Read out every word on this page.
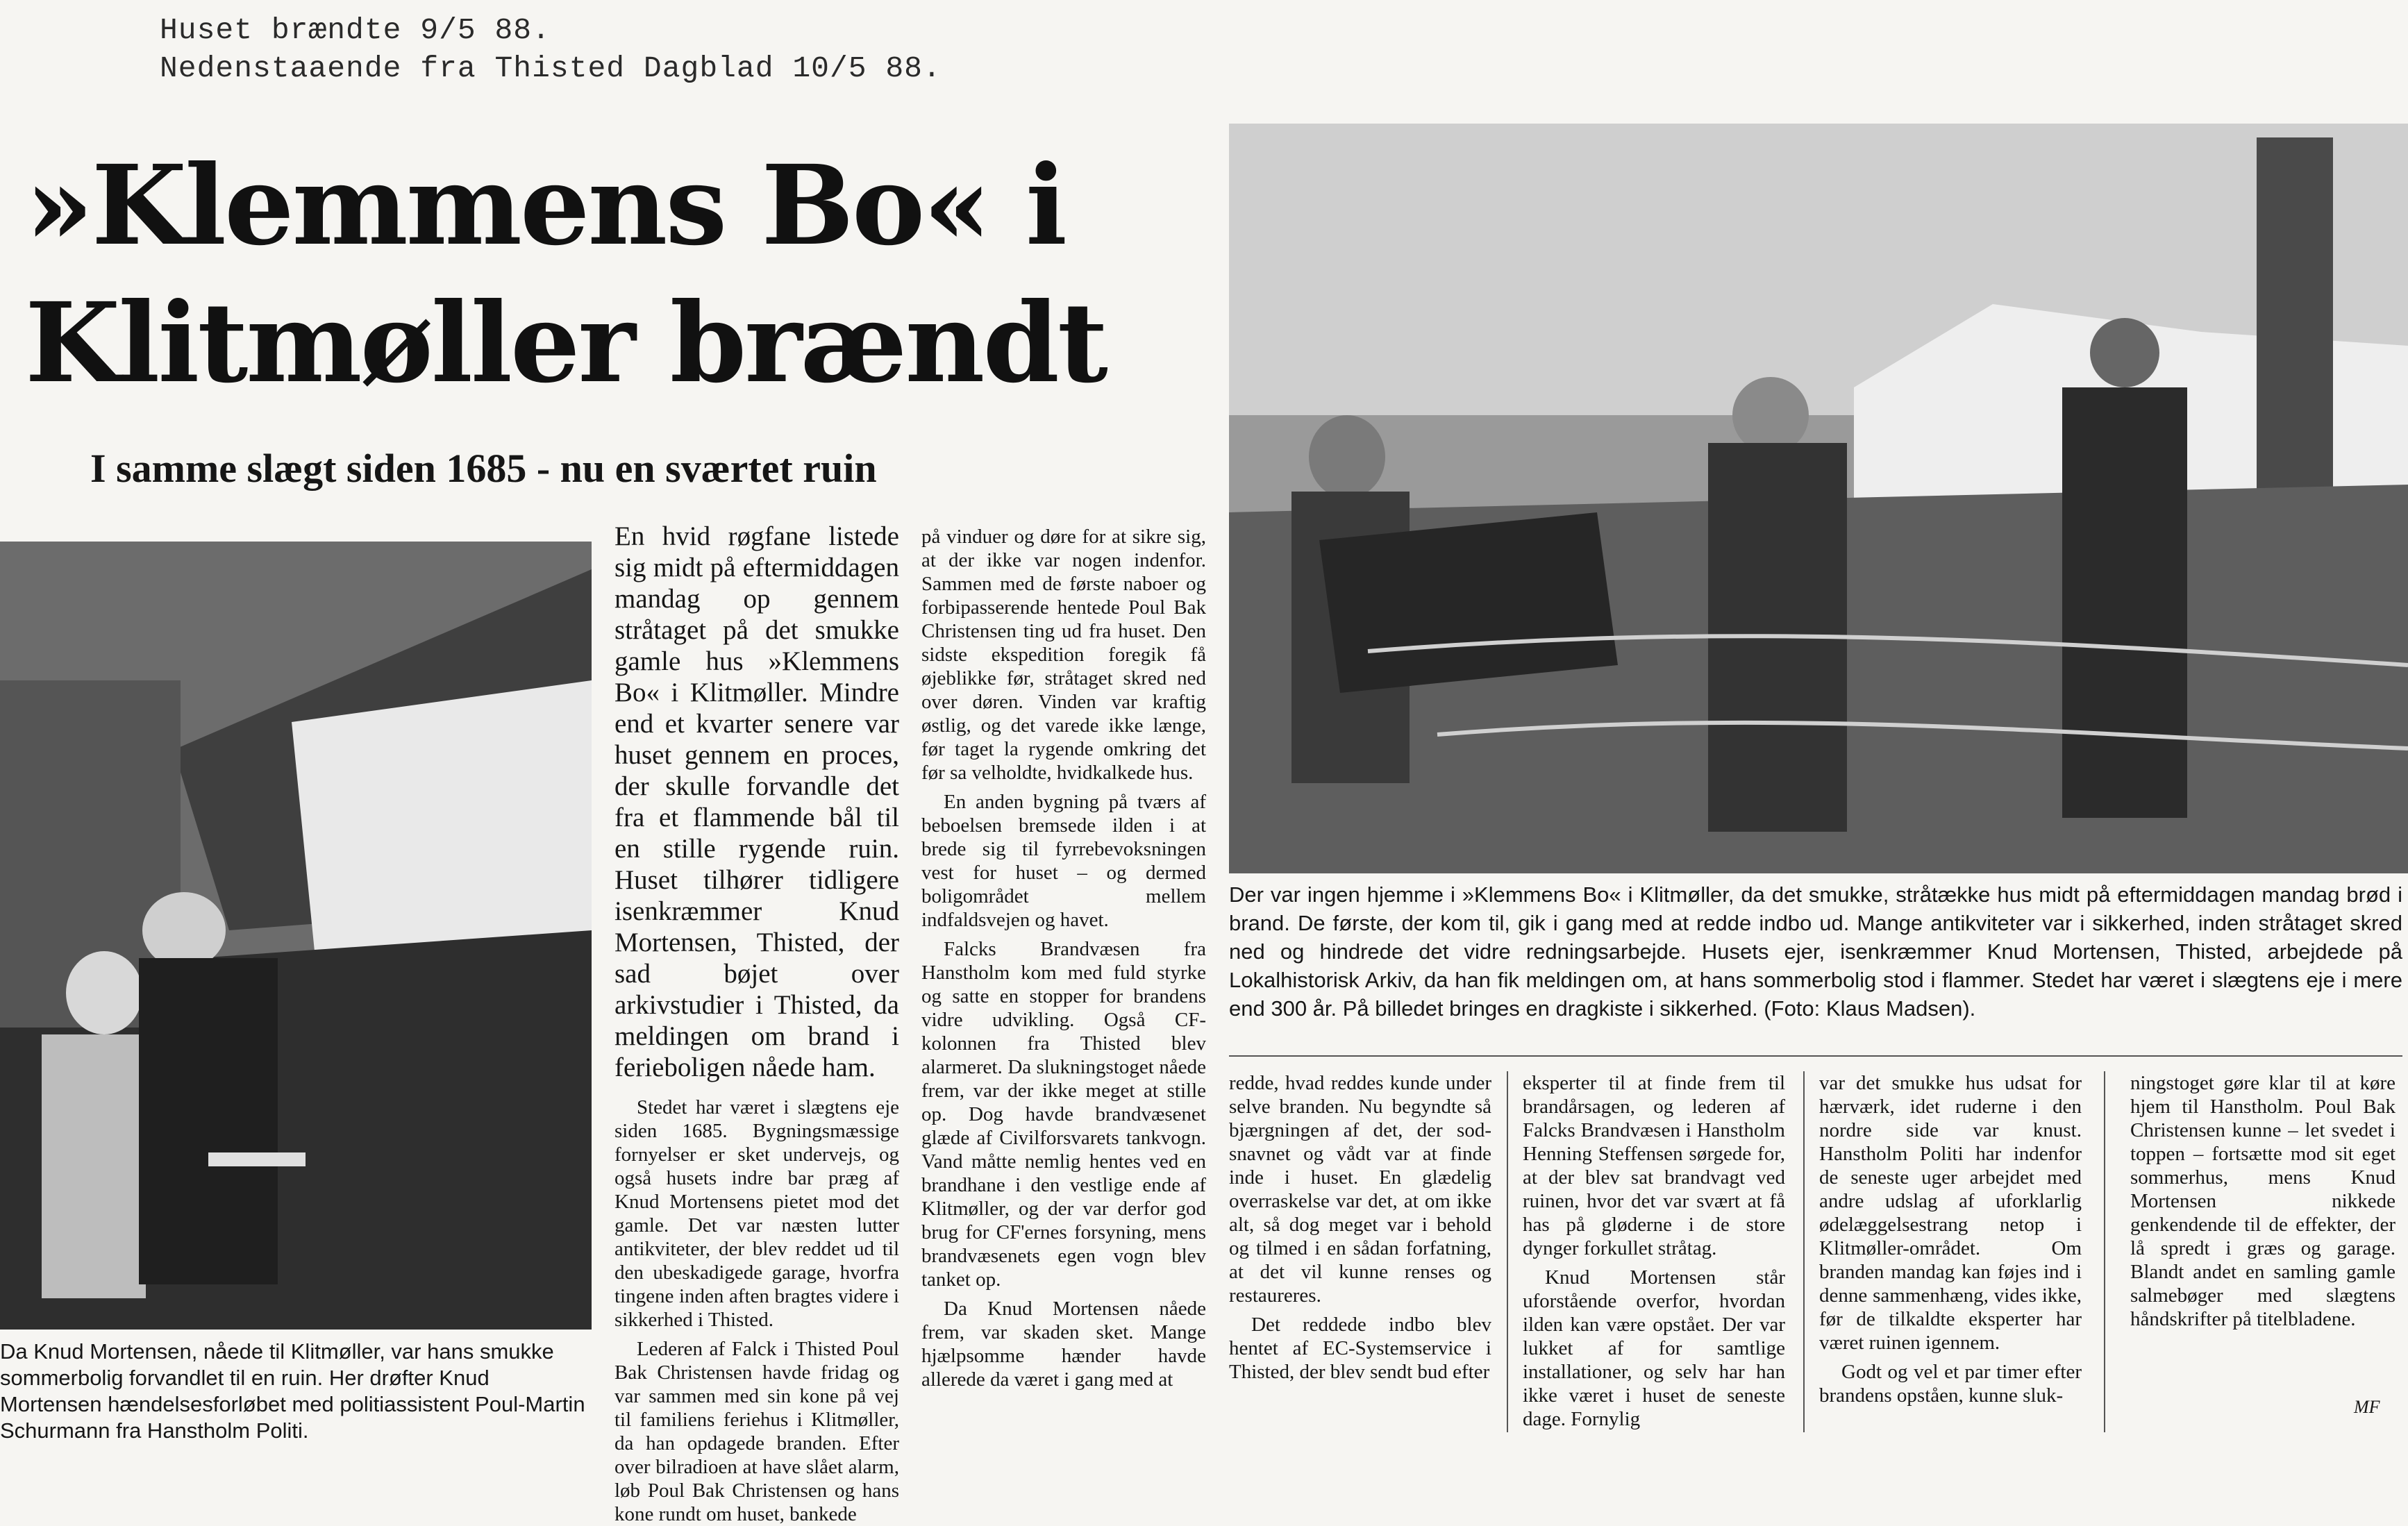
Huset brændte 9/5 88.
Nedenstaaende fra Thisted Dagblad 10/5 88.
»Klemmens Bo« i
Klitmøller brændt
I samme slægt siden 1685 - nu en sværtet ruin
Da Knud Mortensen, nåede til Klitmøller, var hans smukke sommerbolig forvandlet til en ruin. Her drøfter Knud Mortensen hændelsesforløbet med politiassistent Poul-Martin Schurmann fra Hanstholm Politi.
Der var ingen hjemme i »Klemmens Bo« i Klitmøller, da det smukke, stråtække hus midt på eftermiddagen mandag brød i brand. De første, der kom til, gik i gang med at redde indbo ud. Mange antikviteter var i sikkerhed, inden stråtaget skred ned og hindrede det vidre redningsarbejde. Husets ejer, isenkræmmer Knud Mortensen, Thisted, arbejdede på Lokalhistorisk Arkiv, da han fik meldingen om, at hans sommerbolig stod i flammer. Stedet har været i slægtens eje i mere end 300 år. På billedet bringes en dragkiste i sikkerhed. (Foto: Klaus Madsen).

En hvid røgfane listede sig midt på eftermiddagen mandag op gennem stråtaget på det smukke gamle hus »Klemmens Bo« i Klitmøller. Mindre end et kvarter senere var huset gennem en proces, der skulle forvandle det fra et flammende bål til en stille rygende ruin. Huset tilhører tidligere isenkræmmer Knud Mortensen, Thisted, der sad bøjet over arkivstudier i Thisted, da meldingen om brand i ferieboligen nåede ham.

Stedet har været i slægtens eje siden 1685. Bygningsmæssige fornyelser er sket undervejs, og også husets indre bar præg af Knud Mortensens pietet mod det gamle. Det var næsten lutter antikviteter, der blev reddet ud til den ubeskadigede garage, hvorfra tingene inden aften bragtes videre i sikkerhed i Thisted.

Lederen af Falck i Thisted Poul Bak Christensen havde fridag og var sammen med sin kone på vej til familiens feriehus i Klitmøller, da han opdagede branden. Efter over bilradioen at have slået alarm, løb Poul Bak Christensen og hans kone rundt om huset, bankede

på vinduer og døre for at sikre sig, at der ikke var nogen indenfor. Sammen med de første naboer og forbipasserende hentede Poul Bak Christensen ting ud fra huset. Den sidste ekspedition foregik få øjeblikke før, stråtaget skred ned over døren. Vinden var kraftig østlig, og det varede ikke længe, før taget la rygende omkring det før sa velholdte, hvidkalkede hus.

En anden bygning på tværs af beboelsen bremsede ilden i at brede sig til fyrrebevoksningen vest for huset – og dermed boligområdet mellem indfaldsvejen og havet.

Falcks Brandvæsen fra Hanstholm kom med fuld styrke og satte en stopper for brandens vidre udvikling. Også CF-kolonnen fra Thisted blev alarmeret. Da slukningstoget nåede frem, var der ikke meget at stille op. Dog havde brandvæsenet glæde af Civilforsvarets tankvogn. Vand måtte nemlig hentes ved en brandhane i den vestlige ende af Klitmøller, og der var derfor god brug for CF'ernes forsyning, mens brandvæsenets egen vogn blev tanket op.

Da Knud Mortensen nåede frem, var skaden sket. Mange hjælpsomme hænder havde allerede da været i gang med at

redde, hvad reddes kunde under selve branden. Nu begyndte så bjærgningen af det, der sod-snavnet og vådt var at finde inde i huset. En glædelig overraskelse var det, at om ikke alt, så dog meget var i behold og tilmed i en sådan forfatning, at det vil kunne renses og restaureres.

Det reddede indbo blev hentet af EC-Systemservice i Thisted, der blev sendt bud efter

eksperter til at finde frem til brandårsagen, og lederen af Falcks Brandvæsen i Hanstholm Henning Steffensen sørgede for, at der blev sat brandvagt ved ruinen, hvor det var svært at få has på gløderne i de store dynger forkullet stråtag.

Knud Mortensen står uforstående overfor, hvordan ilden kan være opstået. Der var lukket af for samtlige installationer, og selv har han ikke været i huset de seneste dage. Fornylig

var det smukke hus udsat for hærværk, idet ruderne i den nordre side var knust. Hanstholm Politi har indenfor de seneste uger arbejdet med andre udslag af uforklarlig ødelæggelsestrang netop i Klitmøller-området. Om branden mandag kan føjes ind i denne sammenhæng, vides ikke, før de tilkaldte eksperter har været ruinen igennem.

Godt og vel et par timer efter brandens opståen, kunne sluk-

ningstoget gøre klar til at køre hjem til Hanstholm. Poul Bak Christensen kunne – let svedet i toppen – fortsætte mod sit eget sommerhus, mens Knud Mortensen nikkede genkendende til de effekter, der lå spredt i græs og garage. Blandt andet en samling gamle salmebøger med slægtens håndskrifter på titelbladene.

MF
